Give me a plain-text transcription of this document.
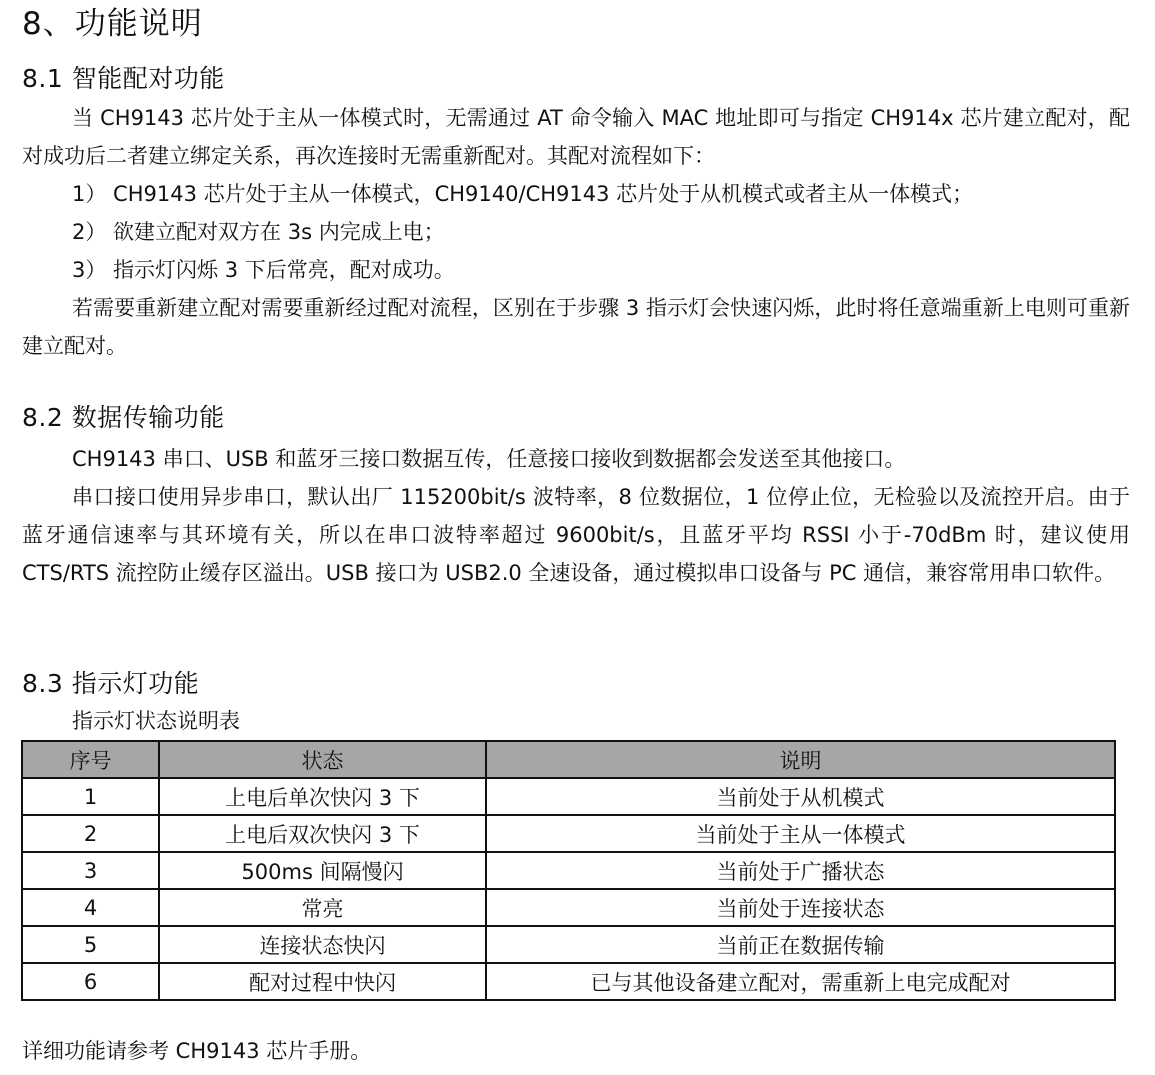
8、功能说明
8.1 智能配对功能
当 CH9143 芯片处于主从一体模式时，无需通过 AT 命令输入 MAC 地址即可与指定 CH914x 芯片建立配对，配对成功后二者建立绑定关系，再次连接时无需重新配对。其配对流程如下：
1） CH9143 芯片处于主从一体模式，CH9140/CH9143 芯片处于从机模式或者主从一体模式；
2） 欲建立配对双方在 3s 内完成上电；
3） 指示灯闪烁 3 下后常亮，配对成功。
若需要重新建立配对需要重新经过配对流程，区别在于步骤 3 指示灯会快速闪烁，此时将任意端重新上电则可重新建立配对。
8.2 数据传输功能
CH9143 串口、USB 和蓝牙三接口数据互传，任意接口接收到数据都会发送至其他接口。
串口接口使用异步串口，默认出厂 115200bit/s 波特率，8 位数据位，1 位停止位，无检验以及流控开启。由于蓝牙通信速率与其环境有关，所以在串口波特率超过 9600bit/s，且蓝牙平均 RSSI 小于-70dBm 时，建议使用 CTS/RTS 流控防止缓存区溢出。USB 接口为 USB2.0 全速设备，通过模拟串口设备与 PC 通信，兼容常用串口软件。
8.3 指示灯功能
指示灯状态说明表
序号	状态	说明
1	上电后单次快闪 3 下	当前处于从机模式
2	上电后双次快闪 3 下	当前处于主从一体模式
3	500ms 间隔慢闪	当前处于广播状态
4	常亮	当前处于连接状态
5	连接状态快闪	当前正在数据传输
6	配对过程中快闪	已与其他设备建立配对，需重新上电完成配对
详细功能请参考 CH9143 芯片手册。
